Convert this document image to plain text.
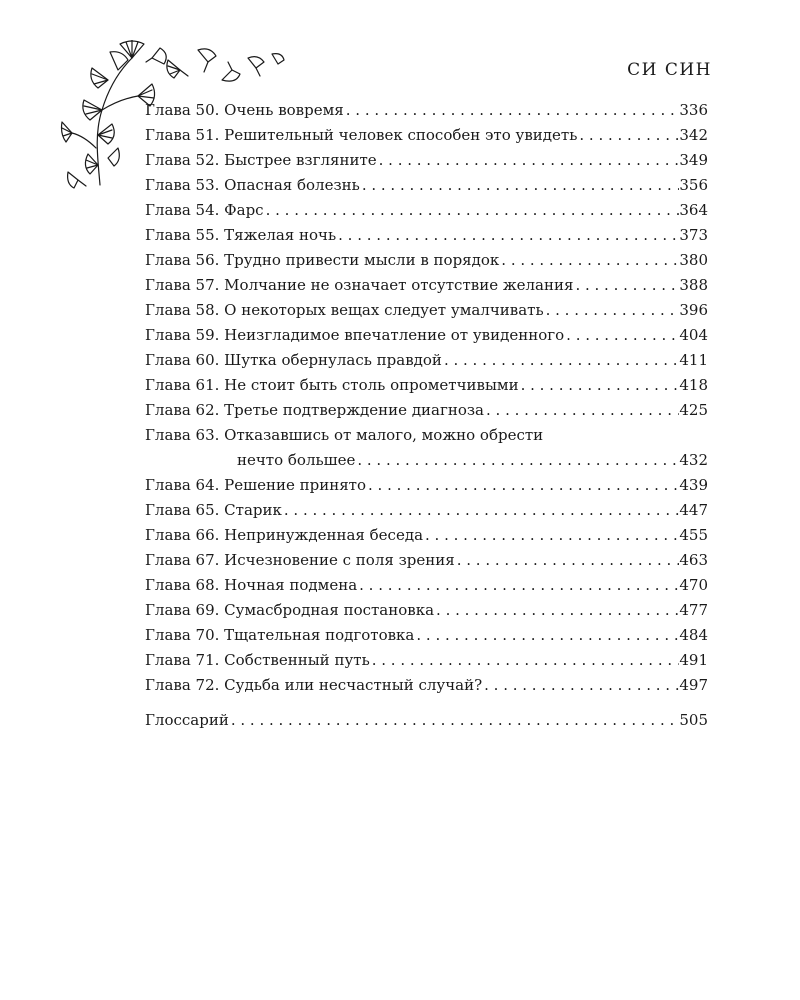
СИ СИН
Глава 50. Очень вовремя . . .	336
Глава 51. Решительный человек способен это увидеть . . .	342
Глава 52. Быстрее взгляните . . .	349
Глава 53. Опасная болезнь . . .	356
Глава 54. Фарс . . .	364
Глава 55. Тяжелая ночь . . .	373
Глава 56. Трудно привести мысли в порядок . . .	380
Глава 57. Молчание не означает отсутствие желания . . .	388
Глава 58. О некоторых вещах следует умалчивать . . .	396
Глава 59. Неизгладимое впечатление от увиденного . . .	404
Глава 60. Шутка обернулась правдой . . .	411
Глава 61. Не стоит быть столь опрометчивыми . . .	418
Глава 62. Третье подтверждение диагноза . . .	425
Глава 63. Отказавшись от малого, можно обрести
нечто большее . . .	432
Глава 64. Решение принято . . .	439
Глава 65. Старик . . .	447
Глава 66. Непринужденная беседа . . .	455
Глава 67. Исчезновение с поля зрения . . .	463
Глава 68. Ночная подмена . . .	470
Глава 69. Сумасбродная постановка . . .	477
Глава 70. Тщательная подготовка . . .	484
Глава 71. Собственный путь . . .	491
Глава 72. Судьба или несчастный случай? . . .	497
Глоссарий . . .	505
